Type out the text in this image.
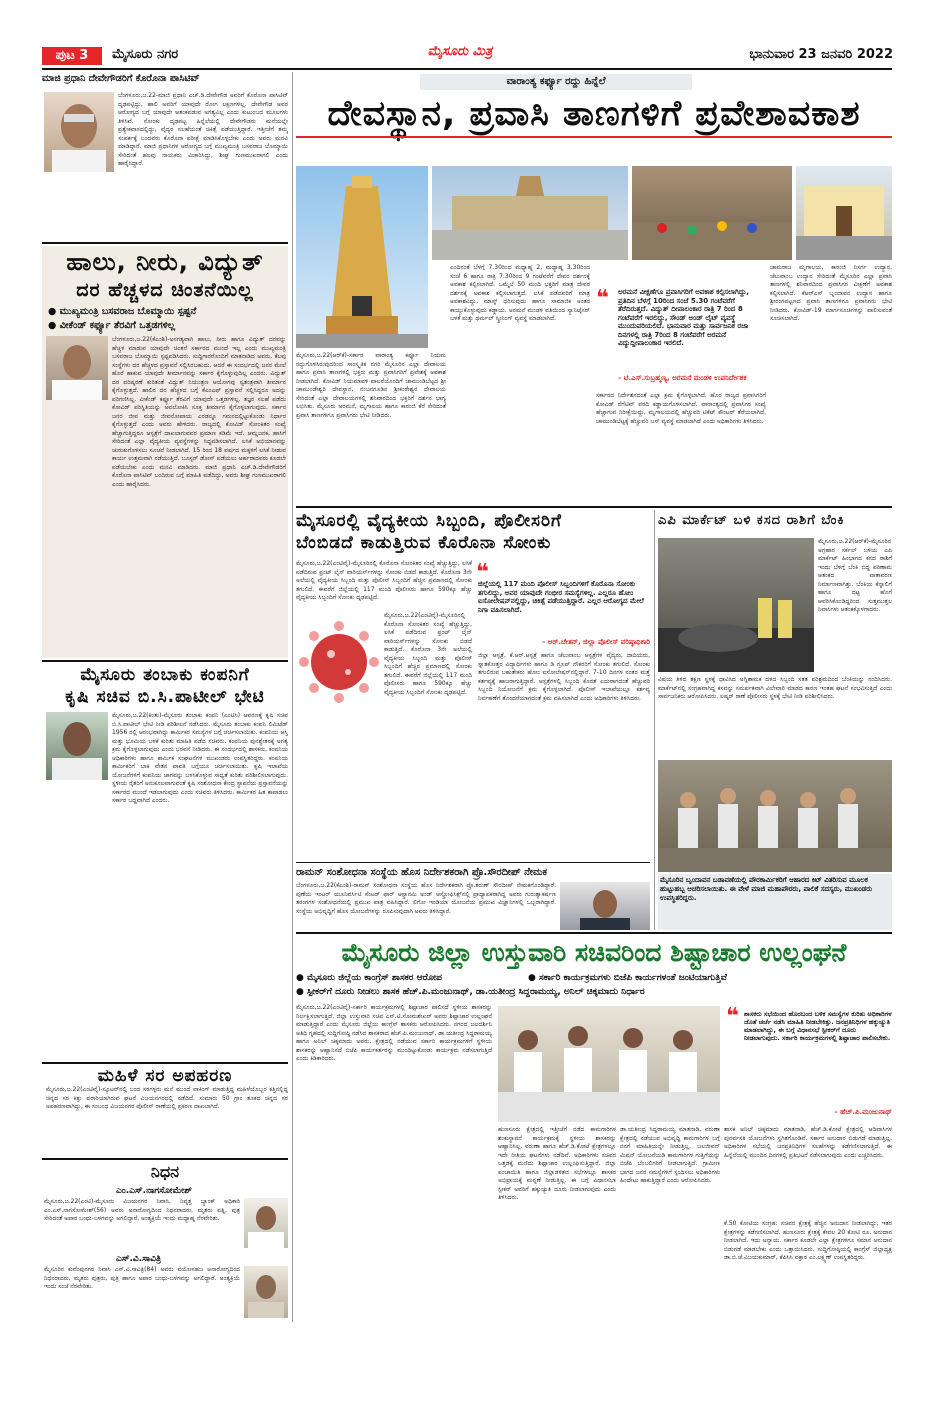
ಪುಟ 3	ಮೈಸೂರು ನಗರ	ಮೈಸೂರು ಮಿತ್ರ	ಭಾನುವಾರ 23 ಜನವರಿ 2022
ಮಾಜಿ ಪ್ರಧಾನಿ ದೇವೇಗೌಡರಿಗೆ ಕೊರೊನಾ ಪಾಸಿಟಿವ್
ಬೆಂಗಳೂರು,ಜ.22-ಮಾಜಿ ಪ್ರಧಾನಿ ಎಚ್.ಡಿ.ದೇವೇಗೌಡ ಅವರಿಗೆ ಕೊರೊನಾ ಪಾಸಿಟಿವ್ ದೃಢಪಟ್ಟಿದ್ದು, ಹಾಲಿ ಅವರಿಗೆ ಯಾವುದೇ ರೋಗ ಲಕ್ಷಣಗಳಿಲ್ಲ. ದೇವೇಗೌಡ ಅವರ ಆರೋಗ್ಯದ ಬಗ್ಗೆ ಯಾವುದೇ ಆತಂಕಪಡುವ ಅಗತ್ಯವಿಲ್ಲ ಎಂದು ಕುಟುಂಬದ ಮೂಲಗಳು ತಿಳಿಸಿವೆ. ಸೋಂಕು ದೃಢಪಟ್ಟ ಹಿನ್ನೆಲೆಯಲ್ಲಿ ದೇವೇಗೌಡರು ಮನೆಯಲ್ಲೇ ಪ್ರತ್ಯೇಕವಾಸದಲ್ಲಿದ್ದು, ವೈದ್ಯರ ಸಲಹೆಯಂತೆ ಚಿಕಿತ್ಸೆ ಪಡೆಯುತ್ತಿದ್ದಾರೆ. ಇತ್ತೀಚೆಗೆ ತಮ್ಮ ಸಂಪರ್ಕಕ್ಕೆ ಬಂದವರು ಕೊರೊನಾ ಪರೀಕ್ಷೆ ಮಾಡಿಸಿಕೊಳ್ಳಬೇಕು ಎಂದು ಅವರು ಮನವಿ ಮಾಡಿದ್ದಾರೆ. ಮಾಜಿ ಪ್ರಧಾನಿಗಳ ಆರೋಗ್ಯದ ಬಗ್ಗೆ ಮುಖ್ಯಮಂತ್ರಿ ಬಸವರಾಜ ಬೊಮ್ಮಾಯಿ ಸೇರಿದಂತೆ ಹಲವು ನಾಯಕರು ವಿಚಾರಿಸಿದ್ದು, ಶೀಘ್ರ ಗುಣಮುಖರಾಗಲಿ ಎಂದು ಹಾರೈಸಿದ್ದಾರೆ.
ಹಾಲು, ನೀರು, ವಿದ್ಯುತ್
ದರ ಹೆಚ್ಚಳದ ಚಿಂತನೆಯಿಲ್ಲ
● ಮುಖ್ಯಮಂತ್ರಿ ಬಸವರಾಜ ಬೊಮ್ಮಾಯಿ ಸ್ಪಷ್ಟನೆ
● ವೀಕೆಂಡ್ ಕರ್ಫ್ಯೂ ತೆರವಿಗೆ ಒತ್ತಡಗಳಿಲ್ಲ
ಬೆಂಗಳೂರು,ಜ.22(ಕೆಎಂಶಿ)-ಅನಗತ್ಯವಾಗಿ ಹಾಲು, ನೀರು ಹಾಗೂ ವಿದ್ಯುತ್ ದರವನ್ನು ಹೆಚ್ಚಳ ಮಾಡುವ ಯಾವುದೇ ಚಿಂತನೆ ಸರ್ಕಾರದ ಮುಂದೆ ಇಲ್ಲ ಎಂದು ಮುಖ್ಯಮಂತ್ರಿ ಬಸವರಾಜ ಬೊಮ್ಮಾಯಿ ಸ್ಪಷ್ಟಪಡಿಸಿದರು. ಸುದ್ದಿಗಾರರೊಂದಿಗೆ ಮಾತನಾಡಿದ ಅವರು, ಕೆಲವು ಸಂಸ್ಥೆಗಳು ದರ ಹೆಚ್ಚಳದ ಪ್ರಸ್ತಾವನೆ ಸಲ್ಲಿಸಿರಬಹುದು. ಆದರೆ ಈ ಸಂದರ್ಭದಲ್ಲಿ ಜನರ ಮೇಲೆ ಹೊರೆ ಹಾಕುವ ಯಾವುದೇ ತೀರ್ಮಾನವನ್ನು ಸರ್ಕಾರ ಕೈಗೊಳ್ಳುವುದಿಲ್ಲ ಎಂದರು. ವಿದ್ಯುತ್ ದರ ಪರಿಷ್ಕರಣೆ ಕುರಿತಂತೆ ವಿದ್ಯುತ್ ನಿಯಂತ್ರಣ ಆಯೋಗವು ಸ್ವತಂತ್ರವಾಗಿ ತೀರ್ಮಾನ ಕೈಗೊಳ್ಳುತ್ತದೆ. ಹಾಲಿನ ದರ ಹೆಚ್ಚಳದ ಬಗ್ಗೆ ಕೆಎಂಎಫ್ ಪ್ರಸ್ತಾವನೆ ಸಲ್ಲಿಸಿದ್ದರೂ ಅದನ್ನು ಪರಿಗಣಿಸಿಲ್ಲ. ವೀಕೆಂಡ್ ಕರ್ಫ್ಯೂ ತೆರವಿಗೆ ಯಾವುದೇ ಒತ್ತಡಗಳಿಲ್ಲ. ತಜ್ಞರ ಸಲಹೆ ಪಡೆದು ಕೋವಿಡ್ ಪರಿಸ್ಥಿತಿಯನ್ನು ಅವಲೋಕಿಸಿ ಸೂಕ್ತ ತೀರ್ಮಾನ ಕೈಗೊಳ್ಳಲಾಗುವುದು. ಸರ್ಕಾರ ಜನರ ಜೀವ ಮತ್ತು ಜೀವನೋಪಾಯ ಎರಡನ್ನೂ ಗಮನದಲ್ಲಿಟ್ಟುಕೊಂಡು ನಿರ್ಧಾರ ಕೈಗೊಳ್ಳುತ್ತದೆ ಎಂದು ಅವರು ಹೇಳಿದರು. ರಾಜ್ಯದಲ್ಲಿ ಕೋವಿಡ್ ಸೋಂಕಿತರ ಸಂಖ್ಯೆ ಹೆಚ್ಚಾಗುತ್ತಿದ್ದರೂ ಆಸ್ಪತ್ರೆಗೆ ದಾಖಲಾಗುವವರ ಪ್ರಮಾಣ ಕಡಿಮೆ ಇದೆ. ಆಮ್ಲಜನಕ, ಹಾಸಿಗೆ ಸೇರಿದಂತೆ ಎಲ್ಲಾ ವೈದ್ಯಕೀಯ ವ್ಯವಸ್ಥೆಗಳನ್ನು ಸಿದ್ಧಪಡಿಸಲಾಗಿದೆ. ಲಸಿಕೆ ಅಭಿಯಾನವನ್ನು ಚುರುಕುಗೊಳಿಸಲು ಸೂಚನೆ ನೀಡಲಾಗಿದೆ. 15 ರಿಂದ 18 ವರ್ಷದ ಮಕ್ಕಳಿಗೆ ಲಸಿಕೆ ನೀಡುವ ಕಾರ್ಯ ಉತ್ತಮವಾಗಿ ನಡೆಯುತ್ತಿದೆ. ಬೂಸ್ಟರ್ ಡೋಸ್ ಪಡೆಯಲು ಅರ್ಹರಾದವರು ಕೂಡಲೇ ಪಡೆಯಬೇಕು ಎಂದು ಮನವಿ ಮಾಡಿದರು. ಮಾಜಿ ಪ್ರಧಾನಿ ಎಚ್.ಡಿ.ದೇವೇಗೌಡರಿಗೆ ಕೊರೊನಾ ಪಾಸಿಟಿವ್ ಬಂದಿರುವ ಬಗ್ಗೆ ಮಾಹಿತಿ ಪಡೆದಿದ್ದು, ಅವರು ಶೀಘ್ರ ಗುಣಮುಖರಾಗಲಿ ಎಂದು ಹಾರೈಸಿದರು.
ಮೈಸೂರು ತಂಬಾಕು ಕಂಪನಿಗೆ
ಕೃಷಿ ಸಚಿವ ಬಿ.ಸಿ.ಪಾಟೀಲ್ ಭೇಟಿ
ಮೈಸೂರು,ಜ.22(ಕಿಂತು)-ಮೈಸೂರು ತಂಬಾಕು ಕಂಪನಿ (ಎಂಟಿಸಿ) ಆವರಣಕ್ಕೆ ಕೃಷಿ ಸಚಿವ ಬಿ.ಸಿ.ಪಾಟೀಲ್ ಭೇಟಿ ನೀಡಿ ಪರಿಶೀಲನೆ ನಡೆಸಿದರು. ಮೈಸೂರು ತಂಬಾಕು ಕಂಪನಿ ಲಿಮಿಟೆಡ್ 1956 ರಲ್ಲಿ ಆರಂಭವಾಗಿದ್ದು ಕಾರ್ಮಿಕರ ಸಮಸ್ಯೆಗಳ ಬಗ್ಗೆ ಚರ್ಚಿಸಲಾಯಿತು. ಕಂಪನಿಯ ಆಸ್ತಿ ಮತ್ತು ಭೂಮಿಯ ಬಳಕೆ ಕುರಿತು ಮಾಹಿತಿ ಪಡೆದ ಸಚಿವರು, ಕಂಪನಿಯ ಪುನಶ್ಚೇತನಕ್ಕೆ ಅಗತ್ಯ ಕ್ರಮ ಕೈಗೊಳ್ಳಲಾಗುವುದು ಎಂದು ಭರವಸೆ ನೀಡಿದರು. ಈ ಸಂದರ್ಭದಲ್ಲಿ ಶಾಸಕರು, ಕಂಪನಿಯ ಅಧಿಕಾರಿಗಳು ಹಾಗೂ ಕಾರ್ಮಿಕ ಸಂಘಟನೆಗಳ ಮುಖಂಡರು ಉಪಸ್ಥಿತರಿದ್ದರು. ಕಂಪನಿಯ ಕಾರ್ಮಿಕರಿಗೆ ಬಾಕಿ ವೇತನ ಪಾವತಿ ಬಗ್ಗೆಯೂ ಚರ್ಚಿಸಲಾಯಿತು. ಕೃಷಿ ಇಲಾಖೆಯ ಯೋಜನೆಗಳಿಗೆ ಕಂಪನಿಯ ಜಾಗವನ್ನು ಬಳಸಿಕೊಳ್ಳುವ ಸಾಧ್ಯತೆ ಕುರಿತು ಪರಿಶೀಲಿಸಲಾಗುವುದು. ಸ್ಥಳೀಯ ರೈತರಿಗೆ ಅನುಕೂಲವಾಗುವಂತೆ ಕೃಷಿ ಸಂಶೋಧನಾ ಕೇಂದ್ರ ಸ್ಥಾಪನೆಯ ಪ್ರಸ್ತಾವನೆಯನ್ನು ಸರ್ಕಾರದ ಮುಂದೆ ಇಡಲಾಗುವುದು ಎಂದು ಸಚಿವರು ತಿಳಿಸಿದರು. ಕಾರ್ಮಿಕರ ಹಿತ ಕಾಪಾಡಲು ಸರ್ಕಾರ ಬದ್ಧವಾಗಿದೆ ಎಂದರು.
ಮಹಿಳೆ ಸರ ಅಪಹರಣ
ಮೈಸೂರು,ಜ.22(ಎಂಟಿವೈ)-ಸ್ಕೂಟರ್‌ನಲ್ಲಿ ಬಂದ ಸರಗಳ್ಳರು ಮನೆ ಮುಂದೆ ವಾಕಿಂಗ್ ಮಾಡುತ್ತಿದ್ದ ಮಹಿಳೆಯೊಬ್ಬರ ಕತ್ತಿನಲ್ಲಿದ್ದ ಚಿನ್ನದ ಸರ ಕಿತ್ತು ಪರಾರಿಯಾಗಿರುವ ಘಟನೆ ವಿಜಯನಗರದಲ್ಲಿ ನಡೆದಿದೆ. ಸುಮಾರು 50 ಗ್ರಾಂ ತೂಕದ ಚಿನ್ನದ ಸರ ಅಪಹರಣವಾಗಿದ್ದು, ಈ ಸಂಬಂಧ ವಿಜಯನಗರ ಪೊಲೀಸ್ ಠಾಣೆಯಲ್ಲಿ ಪ್ರಕರಣ ದಾಖಲಾಗಿದೆ.
ನಿಧನ
ಎಂ.ಎಸ್.ನಾಗಸೋಮೇಶ್
ಮೈಸೂರು,ಜ.22(ಎಂಟಿ)-ಮೈಸೂರು ವಿಜಯನಗರ ನಿವಾಸಿ, ನಿವೃತ್ತ ಬ್ಯಾಂಕ್ ಅಧಿಕಾರಿ ಎಂ.ಎಸ್.ನಾಗಸೋಮೇಶ್(56) ಅವರು ಅನಾರೋಗ್ಯದಿಂದ ನಿಧನರಾದರು. ಮೃತರು ಪತ್ನಿ, ಪುತ್ರ ಸೇರಿದಂತೆ ಅಪಾರ ಬಂಧು-ಬಳಗವನ್ನು ಅಗಲಿದ್ದಾರೆ. ಅಂತ್ಯಕ್ರಿಯೆ ಇಂದು ಮಧ್ಯಾಹ್ನ ನೆರವೇರಿತು.
ಎಸ್.ವಿ.ಸಾವಿತ್ರಿ
ಮೈಸೂರಿನ ಕುವೆಂಪುನಗರ ನಿವಾಸಿ ಎಸ್.ವಿ.ಸಾವಿತ್ರಿ(84) ಅವರು ವಯೋಸಹಜ ಅನಾರೋಗ್ಯದಿಂದ ನಿಧನರಾದರು. ಮೃತರು ಪುತ್ರರು, ಪುತ್ರಿ ಹಾಗೂ ಅಪಾರ ಬಂಧು-ಬಳಗವನ್ನು ಅಗಲಿದ್ದಾರೆ. ಅಂತ್ಯಕ್ರಿಯೆ ಇಂದು ಸಂಜೆ ನೆರವೇರಿತು.
ವಾರಾಂತ್ಯ ಕರ್ಫ್ಯೂ ರದ್ದು ಹಿನ್ನೆಲೆ
ದೇವಸ್ಥಾನ, ಪ್ರವಾಸಿ ತಾಣಗಳಿಗೆ ಪ್ರವೇಶಾವಕಾಶ
❝	ಅರಮನೆ ವೀಕ್ಷಣೆಗೂ ಪ್ರವಾಸಿಗರಿಗೆ ಅವಕಾಶ ಕಲ್ಪಿಸಲಾಗಿದ್ದು, ಪ್ರತಿದಿನ ಬೆಳಗ್ಗೆ 10ರಿಂದ ಸಂಜೆ 5.30 ಗಂಟೆವರೆಗೆ ತೆರೆದಿರುತ್ತದೆ. ವಿದ್ಯುತ್ ದೀಪಾಲಂಕಾರ ರಾತ್ರಿ 7 ರಿಂದ 8 ಗಂಟೆವರೆಗೆ ಇರಲಿದ್ದು, ಸೌಂಡ್ ಅಂಡ್ ಲೈಟ್ ವ್ಯವಸ್ಥೆ ಮುಂದುವರಿಯಲಿದೆ. ಭಾನುವಾರ ಮತ್ತು ಸಾರ್ವಜನಿಕ ರಜಾ ದಿನಗಳಲ್ಲಿ ರಾತ್ರಿ 7ರಿಂದ 8 ಗಂಟೆವರೆಗೆ ಅರಮನೆ ವಿದ್ಯುದ್ದೀಪಾಲಂಕಾರ ಇರಲಿದೆ.
– ಟಿ.ಎಸ್.ಸುಬ್ರಹ್ಮಣ್ಯ, ಅರಮನೆ ಮಂಡಳಿ ಉಪನಿರ್ದೇಶಕ
ಮೈಸೂರು,ಜ.22(ಆರ್‌ಕೆ)-ಸರ್ಕಾರ ವಾರಾಂತ್ಯ ಕರ್ಫ್ಯೂ ನಿಯಮ ರದ್ದುಗೊಳಿಸಿರುವುದರಿಂದ ಸಾಂಸ್ಕೃತಿಕ ನಗರಿ ಮೈಸೂರಿನ ಎಲ್ಲಾ ದೇವಾಲಯ ಹಾಗೂ ಪ್ರವಾಸಿ ತಾಣಗಳಲ್ಲಿ ಭಕ್ತರು ಮತ್ತು ಪ್ರವಾಸಿಗರಿಗೆ ಪ್ರವೇಶಕ್ಕೆ ಅವಕಾಶ ನೀಡಲಾಗಿದೆ. ಕೋವಿಡ್ ನಿಯಮಾವಳಿ ಪಾಲನೆಯೊಂದಿಗೆ ಚಾಮುಂಡಿಬೆಟ್ಟದ ಶ್ರೀ ಚಾಮುಂಡೇಶ್ವರಿ ದೇವಸ್ಥಾನ, ನಂಜನಗೂಡಿನ ಶ್ರೀಕಂಠೇಶ್ವರ ದೇವಾಲಯ ಸೇರಿದಂತೆ ಎಲ್ಲಾ ದೇವಾಲಯಗಳಲ್ಲಿ ಶನಿವಾರದಿಂದ ಭಕ್ತರಿಗೆ ದರ್ಶನ ಭಾಗ್ಯ ಲಭಿಸಿತು. ಮೈಸೂರು ಅರಮನೆ, ಮೃಗಾಲಯ ಹಾಗೂ ಕಾರಂಜಿ ಕೆರೆ ಸೇರಿದಂತೆ ಪ್ರವಾಸಿ ತಾಣಗಳಿಗೂ ಪ್ರವಾಸಿಗರು ಭೇಟಿ ನೀಡಿದರು.
ಎಂದಿನಂತೆ ಬೆಳಗ್ಗೆ 7.30ರಿಂದ ಮಧ್ಯಾಹ್ನ 2, ಮಧ್ಯಾಹ್ನ 3.30ರಿಂದ ಸಂಜೆ 6 ಹಾಗೂ ರಾತ್ರಿ 7.30ರಿಂದ 9 ಗಂಟೆವರೆಗೆ ದೇವರ ದರ್ಶನಕ್ಕೆ ಅವಕಾಶ ಕಲ್ಪಿಸಲಾಗಿದೆ. ಒಮ್ಮೆಲೆ 50 ಮಂದಿ ಭಕ್ತರಿಗೆ ಮಾತ್ರ ದೇವರ ದರ್ಶನಕ್ಕೆ ಅವಕಾಶ ಕಲ್ಪಿಸಲಾಗುತ್ತದೆ. ಲಸಿಕೆ ಪಡೆದವರಿಗೆ ಮಾತ್ರ ಅವಕಾಶವಿದ್ದು, ಮಾಸ್ಕ್ ಧರಿಸುವುದು ಹಾಗೂ ಸಾಮಾಜಿಕ ಅಂತರ ಕಾಯ್ದುಕೊಳ್ಳುವುದು ಕಡ್ಡಾಯ. ಅರಮನೆ ಮಂಡಳಿ ವತಿಯಿಂದ ಸ್ಯಾನಿಟೈಸರ್ ಬಳಕೆ ಮತ್ತು ಥರ್ಮಲ್ ಸ್ಕ್ರೀನಿಂಗ್ ವ್ಯವಸ್ಥೆ ಮಾಡಲಾಗಿದೆ.
ಸರ್ಕಾರದ ನಿರ್ದೇಶನದಂತೆ ಎಲ್ಲಾ ಕ್ರಮ ಕೈಗೊಳ್ಳಲಾಗಿದೆ. ಹೊರ ರಾಜ್ಯದ ಪ್ರವಾಸಿಗರಿಗೆ ಕೋವಿಡ್ ನೆಗೆಟಿವ್ ವರದಿ ಕಡ್ಡಾಯಗೊಳಿಸಲಾಗಿದೆ. ವಾರಾಂತ್ಯದಲ್ಲಿ ಪ್ರವಾಸಿಗರ ಸಂಖ್ಯೆ ಹೆಚ್ಚಾಗುವ ನಿರೀಕ್ಷೆಯಿದ್ದು, ಮೃಗಾಲಯದಲ್ಲಿ ಹೆಚ್ಚುವರಿ ಟಿಕೆಟ್ ಕೌಂಟರ್ ತೆರೆಯಲಾಗಿದೆ. ಚಾಮುಂಡಿಬೆಟ್ಟಕ್ಕೆ ಹೆಚ್ಚುವರಿ ಬಸ್ ವ್ಯವಸ್ಥೆ ಮಾಡಲಾಗಿದೆ ಎಂದು ಅಧಿಕಾರಿಗಳು ತಿಳಿಸಿದರು.
ಚಾಮರಾಜ ಮೃಗಾಲಯ, ಕಾರಂಜಿ ನಿಸರ್ಗ ಉದ್ಯಾನ, ಚೆಲುವಾಂಬ ಉದ್ಯಾನ ಸೇರಿದಂತೆ ಮೈಸೂರಿನ ಎಲ್ಲಾ ಪ್ರವಾಸಿ ತಾಣಗಳಲ್ಲಿ ಶನಿವಾರದಿಂದ ಪ್ರವಾಸಿಗರ ವೀಕ್ಷಣೆಗೆ ಅವಕಾಶ ಕಲ್ಪಿಸಲಾಗಿದೆ. ಕೆಆರ್‌ಎಸ್ ಬೃಂದಾವನ ಉದ್ಯಾನ ಹಾಗೂ ಶ್ರೀರಂಗಪಟ್ಟಣದ ಪ್ರವಾಸಿ ತಾಣಗಳಿಗೂ ಪ್ರವಾಸಿಗರು ಭೇಟಿ ನೀಡಿದರು. ಕೋವಿಡ್-19 ಮಾರ್ಗಸೂಚಿಗಳನ್ನು ಪಾಲಿಸುವಂತೆ ಸೂಚಿಸಲಾಗಿದೆ.
ಮೈಸೂರಲ್ಲಿ ವೈದ್ಯಕೀಯ ಸಿಬ್ಬಂದಿ, ಪೊಲೀಸರಿಗೆ
ಬೆಂಬಿಡದೆ ಕಾಡುತ್ತಿರುವ ಕೊರೊನಾ ಸೋಂಕು
ಮೈಸೂರು,ಜ.22(ಎಂಟಿವೈ)-ಮೈಸೂರಿನಲ್ಲಿ ಕೊರೊನಾ ಸೋಂಕಿತರ ಸಂಖ್ಯೆ ಹೆಚ್ಚುತ್ತಿದ್ದು, ಲಸಿಕೆ ಪಡೆದಿರುವ ಫ್ರಂಟ್ ಲೈನ್ ವಾರಿಯರ್ಸ್‌ಗಳನ್ನು ಸೋಂಕು ಬಿಡದೆ ಕಾಡುತ್ತಿದೆ. ಕೊರೊನಾ 3ನೇ ಅಲೆಯಲ್ಲಿ ವೈದ್ಯಕೀಯ ಸಿಬ್ಬಂದಿ ಮತ್ತು ಪೊಲೀಸ್ ಸಿಬ್ಬಂದಿಗೆ ಹೆಚ್ಚಿನ ಪ್ರಮಾಣದಲ್ಲಿ ಸೋಂಕು ತಗುಲಿದೆ. ಈವರೆಗೆ ಜಿಲ್ಲೆಯಲ್ಲಿ 117 ಮಂದಿ ಪೊಲೀಸರು ಹಾಗೂ 590ಕ್ಕೂ ಹೆಚ್ಚು ವೈದ್ಯಕೀಯ ಸಿಬ್ಬಂದಿಗೆ ಸೋಂಕು ದೃಢಪಟ್ಟಿದೆ.
ಮೈಸೂರು,ಜ.22(ಎಂಟಿವೈ)-ಮೈಸೂರಿನಲ್ಲಿ ಕೊರೊನಾ ಸೋಂಕಿತರ ಸಂಖ್ಯೆ ಹೆಚ್ಚುತ್ತಿದ್ದು, ಲಸಿಕೆ ಪಡೆದಿರುವ ಫ್ರಂಟ್ ಲೈನ್ ವಾರಿಯರ್ಸ್‌ಗಳನ್ನು ಸೋಂಕು ಬಿಡದೆ ಕಾಡುತ್ತಿದೆ. ಕೊರೊನಾ 3ನೇ ಅಲೆಯಲ್ಲಿ ವೈದ್ಯಕೀಯ ಸಿಬ್ಬಂದಿ ಮತ್ತು ಪೊಲೀಸ್ ಸಿಬ್ಬಂದಿಗೆ ಹೆಚ್ಚಿನ ಪ್ರಮಾಣದಲ್ಲಿ ಸೋಂಕು ತಗುಲಿದೆ. ಈವರೆಗೆ ಜಿಲ್ಲೆಯಲ್ಲಿ 117 ಮಂದಿ ಪೊಲೀಸರು ಹಾಗೂ 590ಕ್ಕೂ ಹೆಚ್ಚು ವೈದ್ಯಕೀಯ ಸಿಬ್ಬಂದಿಗೆ ಸೋಂಕು ದೃಢಪಟ್ಟಿದೆ.
❝
ಜಿಲ್ಲೆಯಲ್ಲಿ 117 ಮಂದಿ ಪೊಲೀಸ್ ಸಿಬ್ಬಂದಿಗಳಿಗೆ ಕೊರೊನಾ ಸೋಂಕು ತಗುಲಿದ್ದು, ಅವರ ಯಾವುದೇ ಗಂಭೀರ ಸಮಸ್ಯೆಗಳಿಲ್ಲ. ಎಲ್ಲರೂ ಹೋಂ ಐಸೋಲೇಷನ್‌ನಲ್ಲಿದ್ದು, ಚಿಕಿತ್ಸೆ ಪಡೆಯುತ್ತಿದ್ದಾರೆ. ಎಲ್ಲರ ಆರೋಗ್ಯದ ಮೇಲೆ ನಿಗಾ ವಹಿಸಲಾಗಿದೆ.
– ಆರ್.ಚೇತನ್, ಜಿಲ್ಲಾ ಪೊಲೀಸ್ ವರಿಷ್ಠಾಧಿಕಾರಿ
ಜಿಲ್ಲಾ ಆಸ್ಪತ್ರೆ, ಕೆ.ಆರ್.ಆಸ್ಪತ್ರೆ ಹಾಗೂ ಚೆಲುವಾಂಬ ಆಸ್ಪತ್ರೆಗಳ ವೈದ್ಯರು, ದಾದಿಯರು, ಸ್ನಾತಕೋತ್ತರ ವಿದ್ಯಾರ್ಥಿಗಳು ಹಾಗೂ ಡಿ ಗ್ರೂಪ್ ನೌಕರರಿಗೆ ಸೋಂಕು ತಗುಲಿದೆ. ಸೋಂಕು ತಗುಲಿರುವ ಬಹುತೇಕರು ಹೋಂ ಐಸೋಲೇಷನ್‌ನಲ್ಲಿದ್ದಾರೆ. 7-10 ದಿನಗಳ ನಂತರ ಮತ್ತೆ ಕರ್ತವ್ಯಕ್ಕೆ ಹಾಜರಾಗುತ್ತಿದ್ದಾರೆ. ಆಸ್ಪತ್ರೆಗಳಲ್ಲಿ ಸಿಬ್ಬಂದಿ ಕೊರತೆ ಎದುರಾಗದಂತೆ ಹೆಚ್ಚುವರಿ ಸಿಬ್ಬಂದಿ ನಿಯೋಜನೆಗೆ ಕ್ರಮ ಕೈಗೊಳ್ಳಲಾಗಿದೆ. ಪೊಲೀಸ್ ಇಲಾಖೆಯಲ್ಲೂ ಕರ್ತವ್ಯ ನಿರ್ವಹಣೆಗೆ ತೊಂದರೆಯಾಗದಂತೆ ಕ್ರಮ ವಹಿಸಲಾಗಿದೆ ಎಂದು ಅಧಿಕಾರಿಗಳು ತಿಳಿಸಿದರು.
ರಾಮನ್ ಸಂಶೋಧನಾ ಸಂಸ್ಥೆಯ ಹೊಸ ನಿರ್ದೇಶಕರಾಗಿ ಪ್ರೊ.ಸೌರದೀಪ್ ನೇಮಕ
ಬೆಂಗಳೂರು,ಜ.22(ಕೆಎಂಶಿ)-ರಾಮನ್ ಸಂಶೋಧನಾ ಸಂಸ್ಥೆಯ ಹೊಸ ನಿರ್ದೇಶಕರಾಗಿ ಪ್ರೊ.ತರುಣ್ ಸೌರದೀಪ್ ನೇಮಕಗೊಂಡಿದ್ದಾರೆ. ಪುಣೆಯ ಇಂಟರ್ ಯೂನಿವರ್ಸಿಟಿ ಸೆಂಟರ್ ಫಾರ್ ಆಸ್ಟ್ರಾನಮಿ ಅಂಡ್ ಆಸ್ಟ್ರೋಫಿಸಿಕ್ಸ್‌ನಲ್ಲಿ ಪ್ರಾಧ್ಯಾಪಕರಾಗಿದ್ದ ಅವರು ಗುರುತ್ವಾಕರ್ಷಣ ತರಂಗಗಳ ಸಂಶೋಧನೆಯಲ್ಲಿ ಪ್ರಮುಖ ಪಾತ್ರ ವಹಿಸಿದ್ದಾರೆ. ಲಿಗೋ ಇಂಡಿಯಾ ಯೋಜನೆಯ ಪ್ರಮುಖ ವಿಜ್ಞಾನಿಗಳಲ್ಲಿ ಒಬ್ಬರಾಗಿದ್ದಾರೆ. ಸಂಸ್ಥೆಯ ಅಭಿವೃದ್ಧಿಗೆ ಹೊಸ ಯೋಜನೆಗಳನ್ನು ರೂಪಿಸುವುದಾಗಿ ಅವರು ತಿಳಿಸಿದ್ದಾರೆ.
ಎಪಿ ಮಾರ್ಕೆಟ್ ಬಳಿ ಕಸದ ರಾಶಿಗೆ ಬೆಂಕಿ
ಮೈಸೂರು,ಜ.22(ಆರ್‌ಕೆ)-ಮೈಸೂರಿನ ಅಗ್ರಹಾರ ಸರ್ಕಲ್ ಬಳಿಯ ಎಪಿ ಮಾರ್ಕೆಟ್ ಹಿಂಭಾಗದ ಕಸದ ರಾಶಿಗೆ ಇಂದು ಬೆಳಿಗ್ಗೆ ಬೆಂಕಿ ಬಿದ್ದ ಪರಿಣಾಮ ಆತಂಕದ ವಾತಾವರಣ ನಿರ್ಮಾಣವಾಗಿತ್ತು. ಬೆಂಕಿಯ ಕೆನ್ನಾಲಿಗೆ ಹಾಗೂ ದಟ್ಟ ಹೊಗೆ ಆವರಿಸಿಕೊಂಡಿದ್ದರಿಂದ ಸುತ್ತಮುತ್ತಲ ನಿವಾಸಿಗಳು ಆತಂಕಕ್ಕೊಳಗಾದರು.
ವಿಷಯ ತಿಳಿದ ತಕ್ಷಣ ಸ್ಥಳಕ್ಕೆ ಧಾವಿಸಿದ ಅಗ್ನಿಶಾಮಕ ದಳದ ಸಿಬ್ಬಂದಿ ಸತತ ಪರಿಶ್ರಮದಿಂದ ಬೆಂಕಿಯನ್ನು ನಂದಿಸಿದರು. ಮಾರ್ಕೆಟ್‌ನಲ್ಲಿ ಸಂಗ್ರಹವಾಗಿದ್ದ ಕಸವನ್ನು ಸಮರ್ಪಕವಾಗಿ ವಿಲೇವಾರಿ ಮಾಡದ ಕಾರಣ ಇಂತಹ ಘಟನೆ ಸಂಭವಿಸುತ್ತಿದೆ ಎಂದು ಸಾರ್ವಜನಿಕರು ಆರೋಪಿಸಿದರು. ಲಷ್ಕರ್ ಠಾಣೆ ಪೊಲೀಸರು ಸ್ಥಳಕ್ಕೆ ಭೇಟಿ ನೀಡಿ ಪರಿಶೀಲಿಸಿದರು.
ಮೈಸೂರಿನ ಬೃಂದಾವನ ಬಡಾವಣೆಯಲ್ಲಿ ಪೌರಕಾರ್ಮಿಕರಿಗೆ ಆಹಾರದ ಕಿಟ್ ವಿತರಿಸುವ ಮೂಲಕ ಹುಟ್ಟುಹಬ್ಬ ಆಚರಿಸಲಾಯಿತು. ಈ ವೇಳೆ ಮಾಜಿ ಮಹಾಪೌರರು, ಪಾಲಿಕೆ ಸದಸ್ಯರು, ಮುಖಂಡರು ಉಪಸ್ಥಿತರಿದ್ದರು.
ಮೈಸೂರು ಜಿಲ್ಲಾ ಉಸ್ತುವಾರಿ ಸಚಿವರಿಂದ ಶಿಷ್ಟಾಚಾರ ಉಲ್ಲಂಘನೆ
● ಮೈಸೂರು ಜಿಲ್ಲೆಯ ಕಾಂಗ್ರೆಸ್ ಶಾಸಕರ ಆರೋಪ	● ಸರ್ಕಾರಿ ಕಾರ್ಯಕ್ರಮಗಳು ಬಿಜೆಪಿ ಕಾರ್ಯಗಳಂತೆ ಜಂಟಿಯಾಗುತ್ತಿವೆ
● ಸ್ಪೀಕರ್‌ಗೆ ದೂರು ನೀಡಲು ಶಾಸಕ ಹೆಚ್.ಪಿ.ಮಂಜುನಾಥ್, ಡಾ.ಯತೀಂದ್ರ ಸಿದ್ದರಾಮಯ್ಯ, ಅನಿಲ್ ಚಿಕ್ಕಮಾದು ನಿರ್ಧಾರ
ಮೈಸೂರು,ಜ.22(ಎಂಟಿವೈ)-ಸರ್ಕಾರಿ ಕಾರ್ಯಕ್ರಮಗಳಲ್ಲಿ ಶಿಷ್ಟಾಚಾರ ಪಾಲಿಸದೆ ಸ್ಥಳೀಯ ಶಾಸಕರನ್ನು ನಿರ್ಲಕ್ಷಿಸಲಾಗುತ್ತಿದೆ. ಜಿಲ್ಲಾ ಉಸ್ತುವಾರಿ ಸಚಿವ ಎಸ್.ಟಿ.ಸೋಮಶೇಖರ್ ಅವರು ಶಿಷ್ಟಾಚಾರ ಉಲ್ಲಂಘನೆ ಮಾಡುತ್ತಿದ್ದಾರೆ ಎಂದು ಮೈಸೂರು ಜಿಲ್ಲೆಯ ಕಾಂಗ್ರೆಸ್ ಶಾಸಕರು ಆರೋಪಿಸಿದರು. ನಗರದ ಜಲದರ್ಶಿನಿ ಅತಿಥಿ ಗೃಹದಲ್ಲಿ ಸುದ್ದಿಗೋಷ್ಠಿ ನಡೆಸಿದ ಶಾಸಕರಾದ ಹೆಚ್.ಪಿ.ಮಂಜುನಾಥ್, ಡಾ.ಯತೀಂದ್ರ ಸಿದ್ದರಾಮಯ್ಯ ಹಾಗೂ ಅನಿಲ್ ಚಿಕ್ಕಮಾದು ಅವರು, ಕ್ಷೇತ್ರದಲ್ಲಿ ನಡೆಯುವ ಸರ್ಕಾರಿ ಕಾರ್ಯಕ್ರಮಗಳಿಗೆ ಸ್ಥಳೀಯ ಶಾಸಕರನ್ನು ಆಹ್ವಾನಿಸದೆ ಬಿಜೆಪಿ ಕಾರ್ಯಕರ್ತರನ್ನು ಮುಂದಿಟ್ಟುಕೊಂಡು ಕಾರ್ಯಕ್ರಮ ನಡೆಸಲಾಗುತ್ತಿದೆ ಎಂದು ಕಿಡಿಕಾರಿದರು.
❝ ಶಾಸಕರು ಸಭೆಯಿಂದ ಹೊರಬಂದ ಬಳಿಕ ಸಮಸ್ಯೆಗಳ ಕುರಿತು ಅಧಿಕಾರಿಗಳ ಜೊತೆ ಚರ್ಚೆ ನಡೆಸಿ ಮಾಹಿತಿ ನೀಡಬೇಕಿತ್ತು. ಜನಪ್ರತಿನಿಧಿಗಳ ಹಕ್ಕುಚ್ಯುತಿ ಮಾಡಲಾಗಿದ್ದು, ಈ ಬಗ್ಗೆ ವಿಧಾನಸಭೆ ಸ್ಪೀಕರ್‌ಗೆ ದೂರು ನೀಡಲಾಗುವುದು. ಸರ್ಕಾರಿ ಕಾರ್ಯಕ್ರಮಗಳಲ್ಲಿ ಶಿಷ್ಟಾಚಾರ ಪಾಲಿಸಬೇಕು.
– ಹೆಚ್.ಪಿ.ಮಂಜುನಾಥ್
ಹುಣಸೂರು ಕ್ಷೇತ್ರದಲ್ಲಿ ಇತ್ತೀಚೆಗೆ ನಡೆದ ಕಾಮಗಾರಿಗಳ ಶಂಕುಸ್ಥಾಪನೆ ಕಾರ್ಯಕ್ರಮಕ್ಕೆ ಸ್ಥಳೀಯ ಶಾಸಕರನ್ನು ಆಹ್ವಾನಿಸಿಲ್ಲ. ವರುಣಾ ಹಾಗೂ ಹೆಚ್.ಡಿ.ಕೋಟೆ ಕ್ಷೇತ್ರಗಳಲ್ಲೂ ಇದೇ ರೀತಿಯ ಘಟನೆಗಳು ನಡೆದಿವೆ. ಅಧಿಕಾರಿಗಳು ಸಚಿವರ ಒತ್ತಡಕ್ಕೆ ಮಣಿದು ಶಿಷ್ಟಾಚಾರ ಉಲ್ಲಂಘಿಸುತ್ತಿದ್ದಾರೆ. ಜಿಲ್ಲಾ ಪಂಚಾಯಿತಿ ಹಾಗೂ ಜಿಲ್ಲಾಡಳಿತದ ಸಭೆಗಳಲ್ಲೂ ಶಾಸಕರ ಅಭಿಪ್ರಾಯಕ್ಕೆ ಮನ್ನಣೆ ನೀಡುತ್ತಿಲ್ಲ. ಈ ಬಗ್ಗೆ ವಿಧಾನಸಭಾ ಸ್ಪೀಕರ್ ಅವರಿಗೆ ಹಕ್ಕುಚ್ಯುತಿ ದೂರು ನೀಡಲಾಗುವುದು ಎಂದು ತಿಳಿಸಿದರು.
ಡಾ.ಯತೀಂದ್ರ ಸಿದ್ದರಾಮಯ್ಯ ಮಾತನಾಡಿ, ವರುಣಾ ಕ್ಷೇತ್ರದಲ್ಲಿ ನಡೆಯುವ ಅಭಿವೃದ್ಧಿ ಕಾಮಗಾರಿಗಳ ಬಗ್ಗೆ ನನಗೆ ಮಾಹಿತಿಯನ್ನೇ ನೀಡುತ್ತಿಲ್ಲ. ಜಲಜೀವನ್ ಮಿಷನ್ ಯೋಜನೆಯಡಿ ಕಾಮಗಾರಿಗಳ ಗುತ್ತಿಗೆಯನ್ನು ಬಿಜೆಪಿ ಬೆಂಬಲಿಗರಿಗೆ ನೀಡಲಾಗುತ್ತಿದೆ. ಗ್ರಾಮೀಣ ಭಾಗದ ಜನರ ಸಮಸ್ಯೆಗಳಿಗೆ ಸ್ಪಂದಿಸಲು ಅಧಿಕಾರಿಗಳು ಹಿಂದೇಟು ಹಾಕುತ್ತಿದ್ದಾರೆ ಎಂದು ಆರೋಪಿಸಿದರು.
ಶಾಸಕ ಅನಿಲ್ ಚಿಕ್ಕಮಾದು ಮಾತನಾಡಿ, ಹೆಚ್.ಡಿ.ಕೋಟೆ ಕ್ಷೇತ್ರದಲ್ಲಿ ಆದಿವಾಸಿಗಳ ಪುನರ್ವಸತಿ ಯೋಜನೆಗಳು ಸ್ಥಗಿತಗೊಂಡಿವೆ. ಸರ್ಕಾರ ಅನುದಾನ ಬಿಡುಗಡೆ ಮಾಡುತ್ತಿಲ್ಲ. ಅಧಿಕಾರಿಗಳ ಸಭೆಯಲ್ಲಿ ಜನಪ್ರತಿನಿಧಿಗಳ ಸಲಹೆಗಳನ್ನು ಕಡೆಗಣಿಸಲಾಗುತ್ತಿದೆ. ಈ ಹಿನ್ನೆಲೆಯಲ್ಲಿ ಮುಂದಿನ ದಿನಗಳಲ್ಲಿ ಪ್ರತಿಭಟನೆ ನಡೆಸಲಾಗುವುದು ಎಂದು ಎಚ್ಚರಿಸಿದರು.
ಕೆ.50 ಕೋಟಿಯ ಸಂಗ್ರಹ: ಸಚಿವರ ಕ್ಷೇತ್ರಕ್ಕೆ ಹೆಚ್ಚಿನ ಅನುದಾನ ನೀಡಲಾಗಿದ್ದು, ಇತರ ಕ್ಷೇತ್ರಗಳನ್ನು ಕಡೆಗಣಿಸಲಾಗಿದೆ. ಹುಣಸೂರು ಕ್ಷೇತ್ರಕ್ಕೆ ಕೇವಲ 20 ಕೋಟಿ ರೂ. ಅನುದಾನ ನೀಡಲಾಗಿದೆ. ಇದು ಅನ್ಯಾಯ. ಸರ್ಕಾರ ಕೂಡಲೇ ಎಲ್ಲಾ ಕ್ಷೇತ್ರಗಳಿಗೂ ಸಮಾನ ಅನುದಾನ ಬಿಡುಗಡೆ ಮಾಡಬೇಕು ಎಂದು ಒತ್ತಾಯಿಸಿದರು. ಸುದ್ದಿಗೋಷ್ಠಿಯಲ್ಲಿ ಕಾಂಗ್ರೆಸ್ ಜಿಲ್ಲಾಧ್ಯಕ್ಷ ಡಾ.ಬಿ.ಜೆ.ವಿಜಯಕುಮಾರ್, ಕೆಪಿಸಿಸಿ ವಕ್ತಾರ ಎಂ.ಲಕ್ಷ್ಮಣ್ ಉಪಸ್ಥಿತರಿದ್ದರು.
